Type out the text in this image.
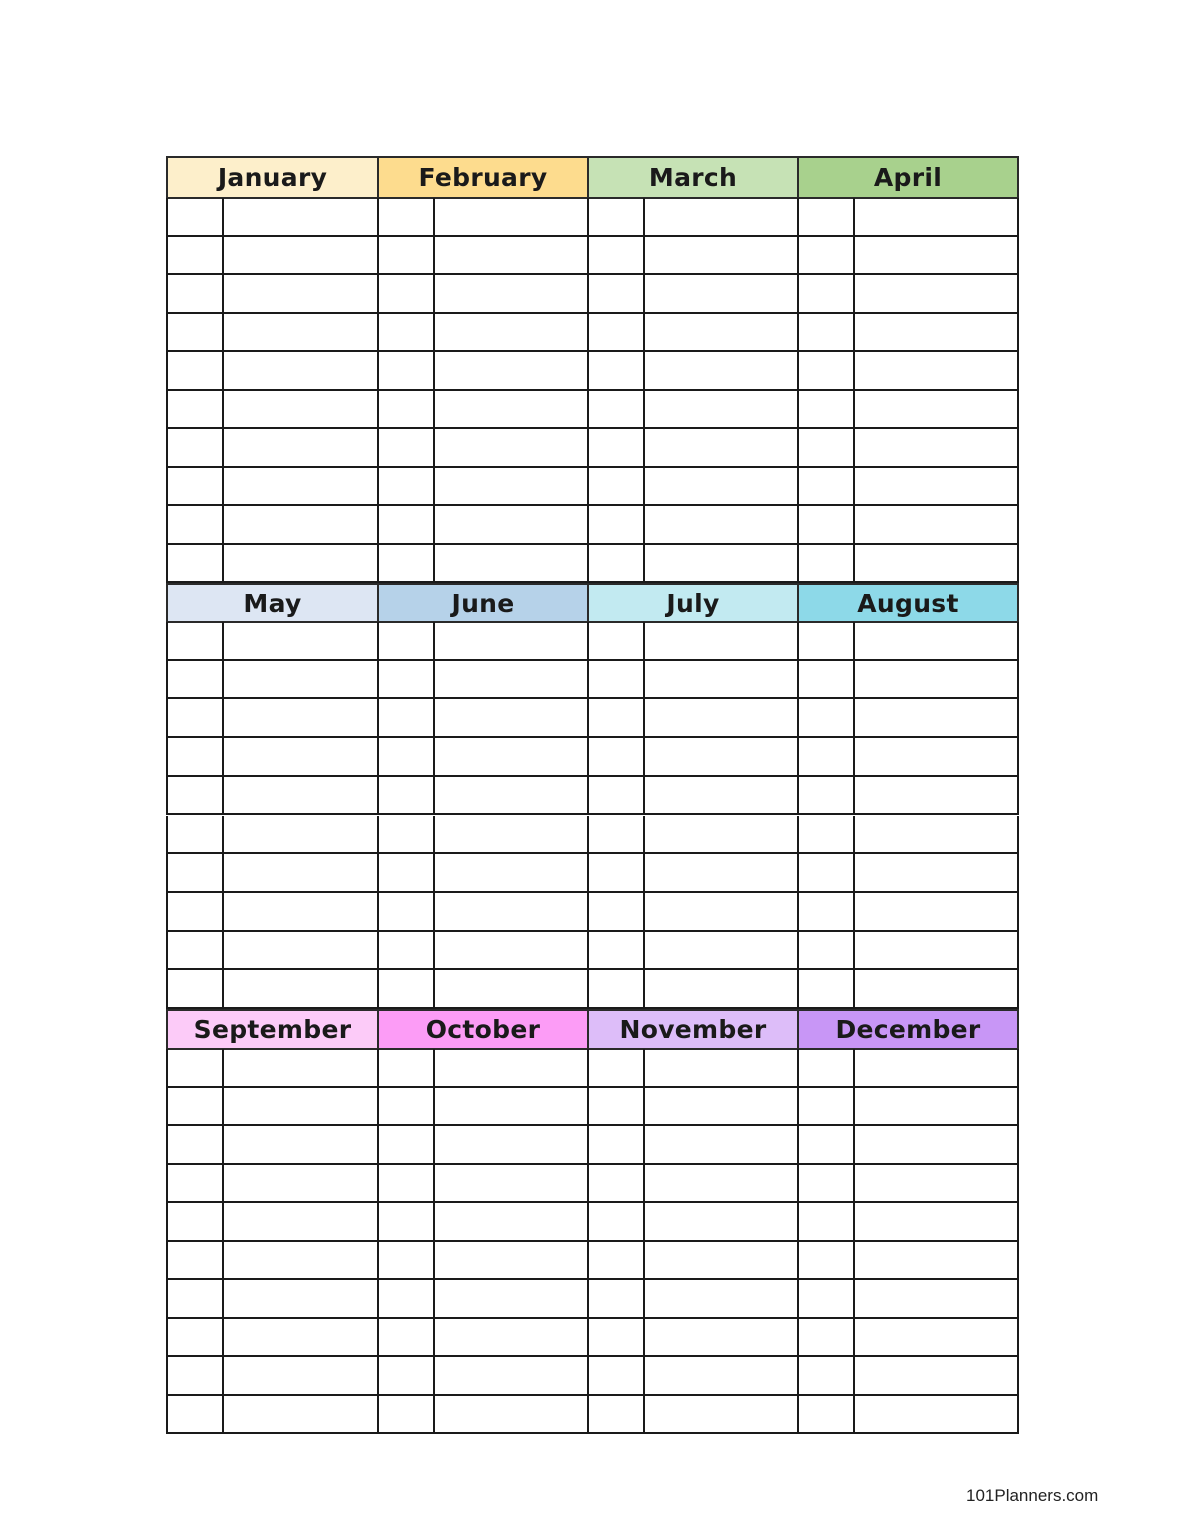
January	February	March	April
May	June	July	August
September	October	November	December
101Planners.com
